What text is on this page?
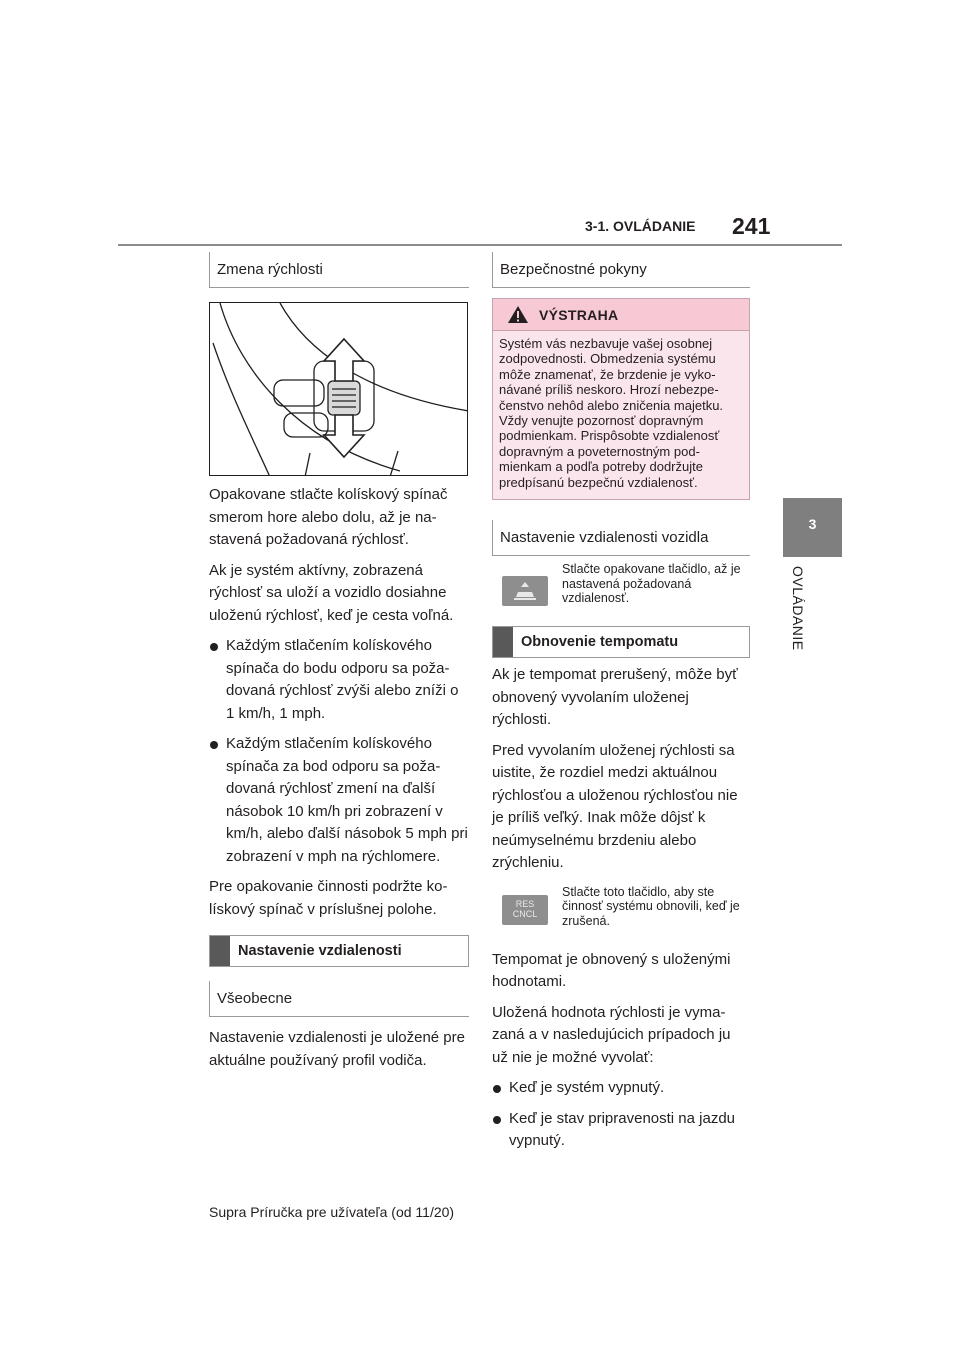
3-1. OVLÁDANIE 241
3
OVLÁDANIE
Zmena rýchlosti
Opakovane stlačte kolískový spínač smerom hore alebo dolu, až je nastavená požadovaná rýchlosť.
Ak je systém aktívny, zobrazená rýchlosť sa uloží a vozidlo dosiahne uloženú rýchlosť, keď je cesta voľná.
Každým stlačením kolískového spínača do bodu odporu sa požadovaná rýchlosť zvýši alebo zníži o 1 km/h, 1 mph.
Každým stlačením kolískového spínača za bod odporu sa požadovaná rýchlosť zmení na ďalší násobok 10 km/h pri zobrazení v km/h, alebo ďalší násobok 5 mph pri zobrazení v mph na rýchlomere.
Pre opakovanie činnosti podržte kolískový spínač v príslušnej polohe.
Nastavenie vzdialenosti
Všeobecne
Nastavenie vzdialenosti je uložené pre aktuálne používaný profil vodiča.
Bezpečnostné pokyny
VÝSTRAHA
Systém vás nezbavuje vašej osobnej zodpovednosti. Obmedzenia systému môže znamenať, že brzdenie je vykonávané príliš neskoro. Hrozí nebezpečenstvo nehôd alebo zničenia majetku. Vždy venujte pozornosť dopravným podmienkam. Prispôsobte vzdialenosť dopravným a poveternostným podmienkam a podľa potreby dodržujte predpísanú bezpečnú vzdialenosť.
Nastavenie vzdialenosti vozidla
Stlačte opakovane tlačidlo, až je nastavená požadovaná vzdialenosť.
Obnovenie tempomatu
Ak je tempomat prerušený, môže byť obnovený vyvolaním uloženej rýchlosti.
Pred vyvolaním uloženej rýchlosti sa uistite, že rozdiel medzi aktuálnou rýchlosťou a uloženou rýchlosťou nie je príliš veľký. Inak môže dôjsť k neúmyselnému brzdeniu alebo zrýchleniu.
RES
CNCL
Stlačte toto tlačidlo, aby ste činnosť systému obnovili, keď je zrušená.
Tempomat je obnovený s uloženými hodnotami.
Uložená hodnota rýchlosti je vymazaná a v nasledujúcich prípadoch ju už nie je možné vyvolať:
Keď je systém vypnutý.
Keď je stav pripravenosti na jazdu vypnutý.
Supra Príručka pre užívateľa (od 11/20)
